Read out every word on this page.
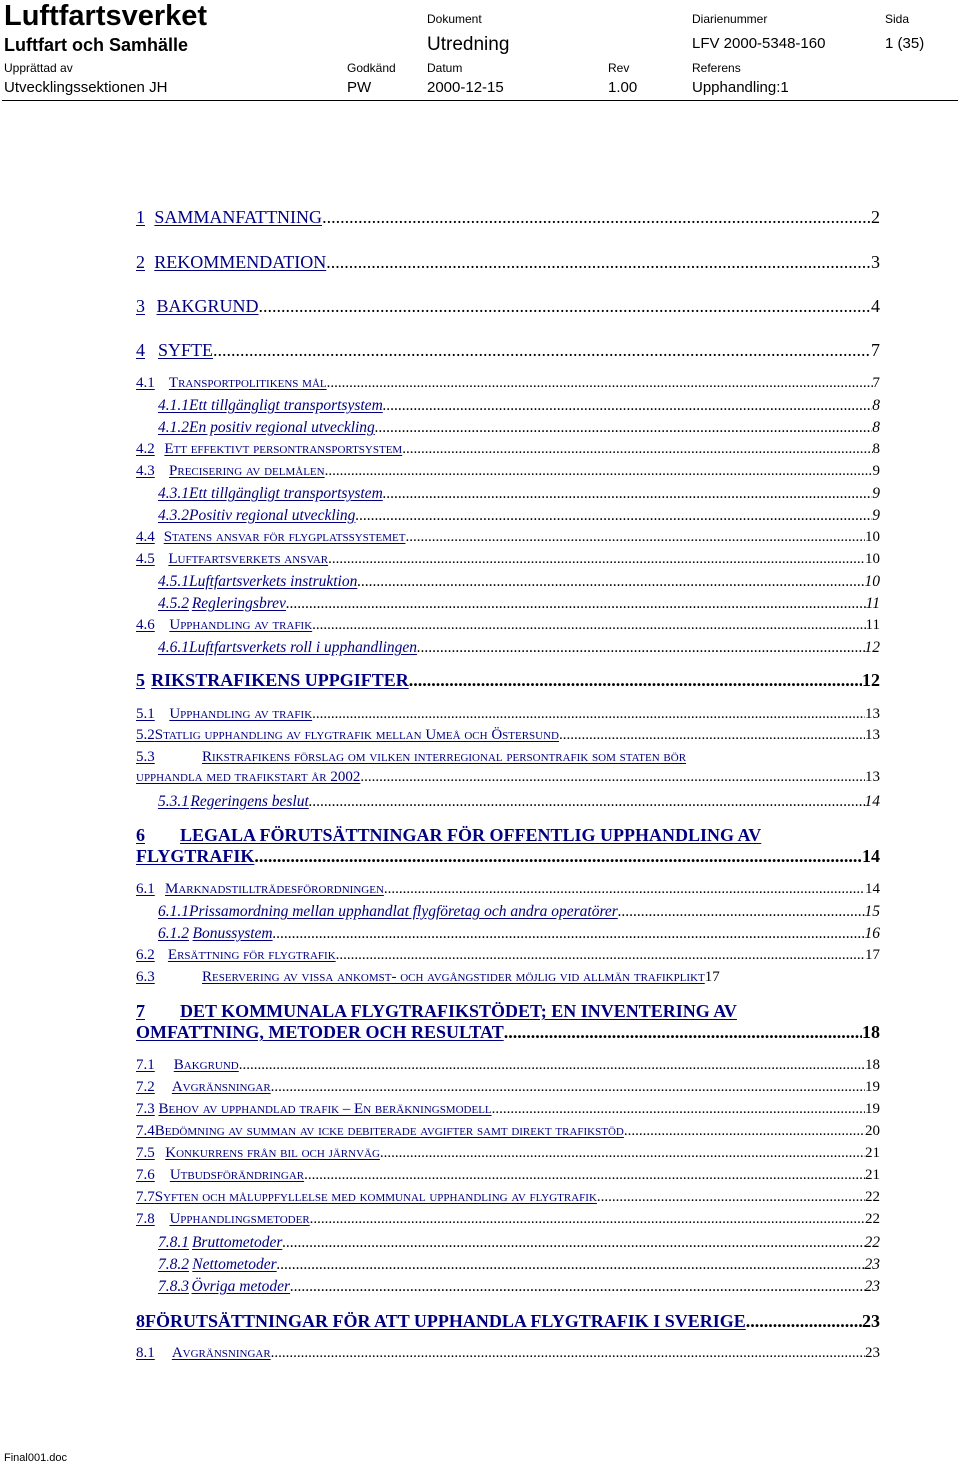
Luftfartsverket
Luftfart och Samhälle
Dokument
Utredning
Diarienummer
LFV 2000-5348-160
Sida
1 (35)
Upprättad av
Utvecklingssektionen JH
Godkänd
PW
Datum
2000-12-15
Rev
1.00
Referens
Upphandling:1
1 SAMMANFATTNING .....	2
2 REKOMMENDATION .....	3
3 BAKGRUND .....	4
4 SYFTE .....	7
4.1 Transportpolitikens mål .....	7
4.1.1 Ett tillgängligt transportsystem .....	8
4.1.2 En positiv regional utveckling .....	8
4.2 Ett effektivt persontransportsystem .....	8
4.3 Precisering av delmålen .....	9
4.3.1 Ett tillgängligt transportsystem .....	9
4.3.2 Positiv regional utveckling .....	9
4.4 Statens ansvar för flygplatssystemet .....	10
4.5 Luftfartsverkets ansvar .....	10
4.5.1 Luftfartsverkets instruktion .....	10
4.5.2 Regleringsbrev .....	11
4.6 Upphandling av trafik .....	11
4.6.1 Luftfartsverkets roll i upphandlingen .....	12
5 RIKSTRAFIKENS UPPGIFTER .....	12
5.1 Upphandling av trafik .....	13
5.2 Statlig upphandling av flygtrafik mellan Umeå och Östersund .....	13
5.3	Rikstrafikens förslag om vilken interregional persontrafik som staten bör
upphandla med trafikstart år 2002 .....	13
5.3.1 Regeringens beslut .....	14
6	LEGALA FÖRUTSÄTTNINGAR FÖR OFFENTLIG UPPHANDLING AV
FLYGTRAFIK .....	14
6.1 Marknadstillträdesförordningen .....	14
6.1.1 Prissamordning mellan upphandlat flygföretag och andra operatörer .....	15
6.1.2 Bonussystem .....	16
6.2 Ersättning för flygtrafik .....	17
6.3	Reservering av vissa ankomst- och avgångstider möjlig vid allmän trafikplikt 17
7	DET KOMMUNALA FLYGTRAFIKSTÖDET; EN INVENTERING AV
OMFATTNING, METODER OCH RESULTAT .....	18
7.1	Bakgrund .....	18
7.2	Avgränsningar .....	19
7.3 Behov av upphandlad trafik – En beräkningsmodell .....	19
7.4 Bedömning av summan av icke debiterade avgifter samt direkt trafikstöd .....	20
7.5 Konkurrens från bil och järnväg .....	21
7.6	Utbudsförändringar .....	21
7.7 Syften och måluppfyllelse med kommunal upphandling av flygtrafik .....	22
7.8 Upphandlingsmetoder .....	22
7.8.1 Bruttometoder .....	22
7.8.2 Nettometoder .....	23
7.8.3 Övriga metoder .....	23
8 FÖRUTSÄTTNINGAR FÖR ATT UPPHANDLA FLYGTRAFIK I SVERIGE .....	23
8.1	Avgränsningar .....	23
Final001.doc
